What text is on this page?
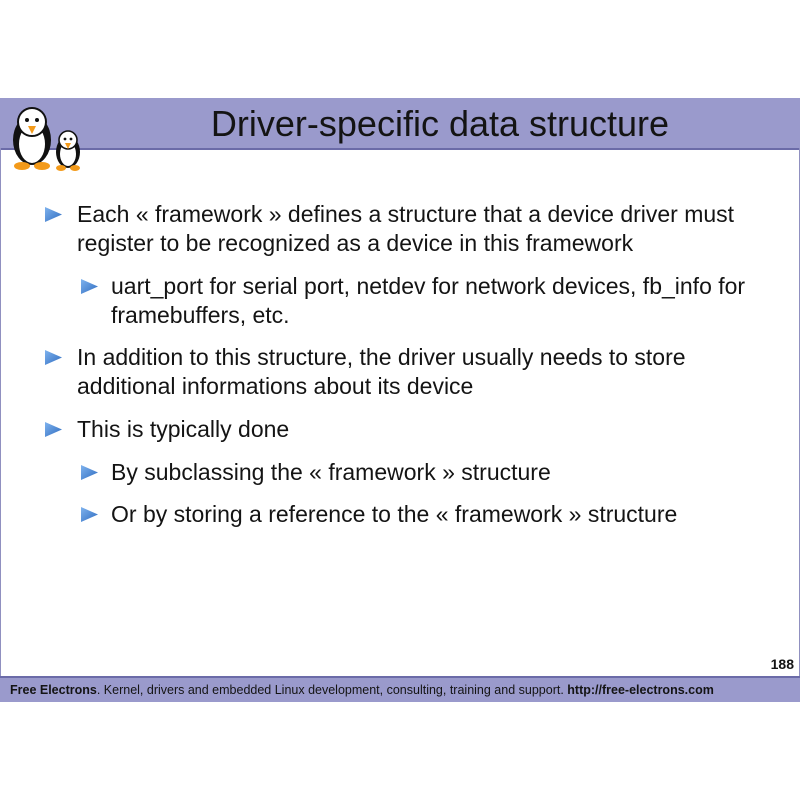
Driver-specific data structure
Each « framework » defines a structure that a device driver must register to be recognized as a device in this framework
uart_port for serial port, netdev for network devices, fb_info for framebuffers, etc.
In addition to this structure, the driver usually needs to store additional informations about its device
This is typically done
By subclassing the « framework » structure
Or by storing a reference to the « framework » structure
188
Free Electrons. Kernel, drivers and embedded Linux development, consulting, training and support. http://free-electrons.com
